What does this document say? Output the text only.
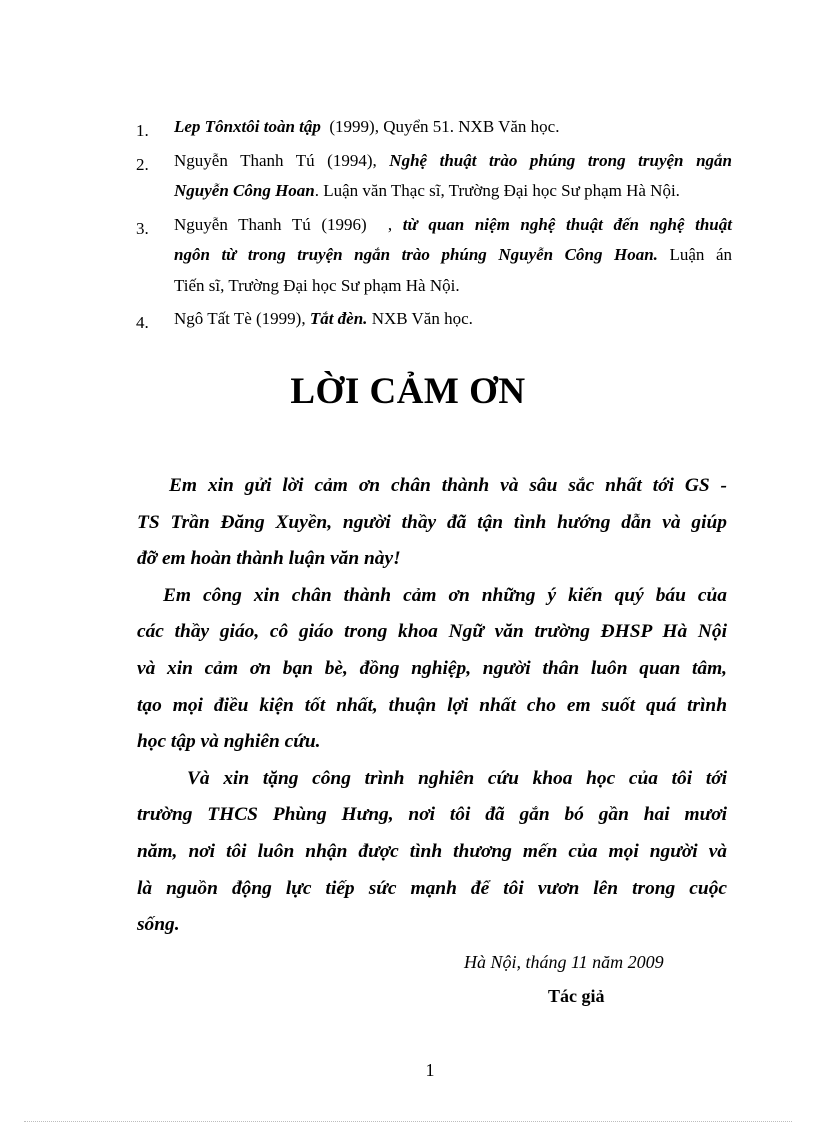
1. Lep Tônxtôi toàn tập  (1999), Quyển 51. NXB Văn học.
2. Nguyễn Thanh Tú (1994), Nghệ thuật trào phúng trong truyện ngắn
Nguyễn Công Hoan. Luận văn Thạc sĩ, Trường Đại học Sư phạm Hà Nội.
3. Nguyễn Thanh Tú (1996)  , từ quan niệm nghệ thuật đến nghệ thuật
ngôn từ trong truyện ngắn trào phúng Nguyễn Công Hoan. Luận án
Tiến sĩ, Trường Đại học Sư phạm Hà Nội.
4. Ngô Tất Tè (1999), Tắt đèn. NXB Văn học.
LỜI CẢM ƠN
Em xin gửi lời cảm ơn chân thành và sâu sắc nhất tới GS -
TS Trần Đăng Xuyền, người thầy đã tận tình hướng dẫn và giúp
đỡ em hoàn thành luận văn này!
Em công xin chân thành cảm ơn những ý kiến quý báu của
các thầy giáo, cô giáo trong khoa Ngữ văn trường ĐHSP Hà Nội
và xin cảm ơn bạn bè, đồng nghiệp, người thân luôn quan tâm,
tạo mọi điều kiện tốt nhất, thuận lợi nhất cho em suốt quá trình
học tập và nghiên cứu.
Và xin tặng công trình nghiên cứu khoa học của tôi tới
trường THCS Phùng Hưng, nơi tôi đã gắn bó gần hai mươi
năm, nơi tôi luôn nhận được tình thương mến của mọi người và
là nguồn động lực tiếp sức mạnh để tôi vươn lên trong cuộc
sống.

Hà Nội, tháng 11 năm 2009

Tác giả

1
